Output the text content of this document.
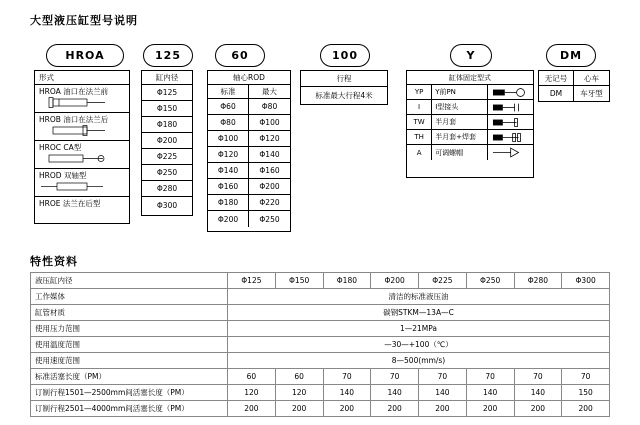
大型液压缸型号说明
特性资料
HROA	125	60	100	Y	DM
形式
HROA 油口在法兰前
HROB 油口在法兰后
HROC CA型
HROD 双轴型
HROE 法兰在后型
缸内径
Φ125
Φ150
Φ180
Φ200
Φ225
Φ250
Φ280
Φ300
轴心ROD
标准	最大
Φ60	Φ80
Φ80	Φ100
Φ100	Φ120
Φ120	Φ140
Φ140	Φ160
Φ160	Φ200
Φ180	Φ220
Φ200	Φ250
行程
标准最大行程4米
缸体固定型式
YP	Y前PN
I	I型接头
TW	半月套
TH	半月套+焊套
A	可调螺帽
无记号	心车
DM	车牙型
液压缸内径	Φ125	Φ150	Φ180	Φ200	Φ225	Φ250	Φ280	Φ300
工作媒体	清洁的标准液压油							
缸管材质	碳钢STKM—13A—C							
使用压力范围	1—21MPa							
使用温度范围	—30—+100（℃）							
使用速度范围	8—500(mm/s)							
标准活塞长度（PM）	60	60	70	70	70	70	70	70
订制行程1501—2500mm间活塞长度（PM）	120	120	140	140	140	140	140	150
订制行程2501—4000mm间活塞长度（PM）	200	200	200	200	200	200	200	200
